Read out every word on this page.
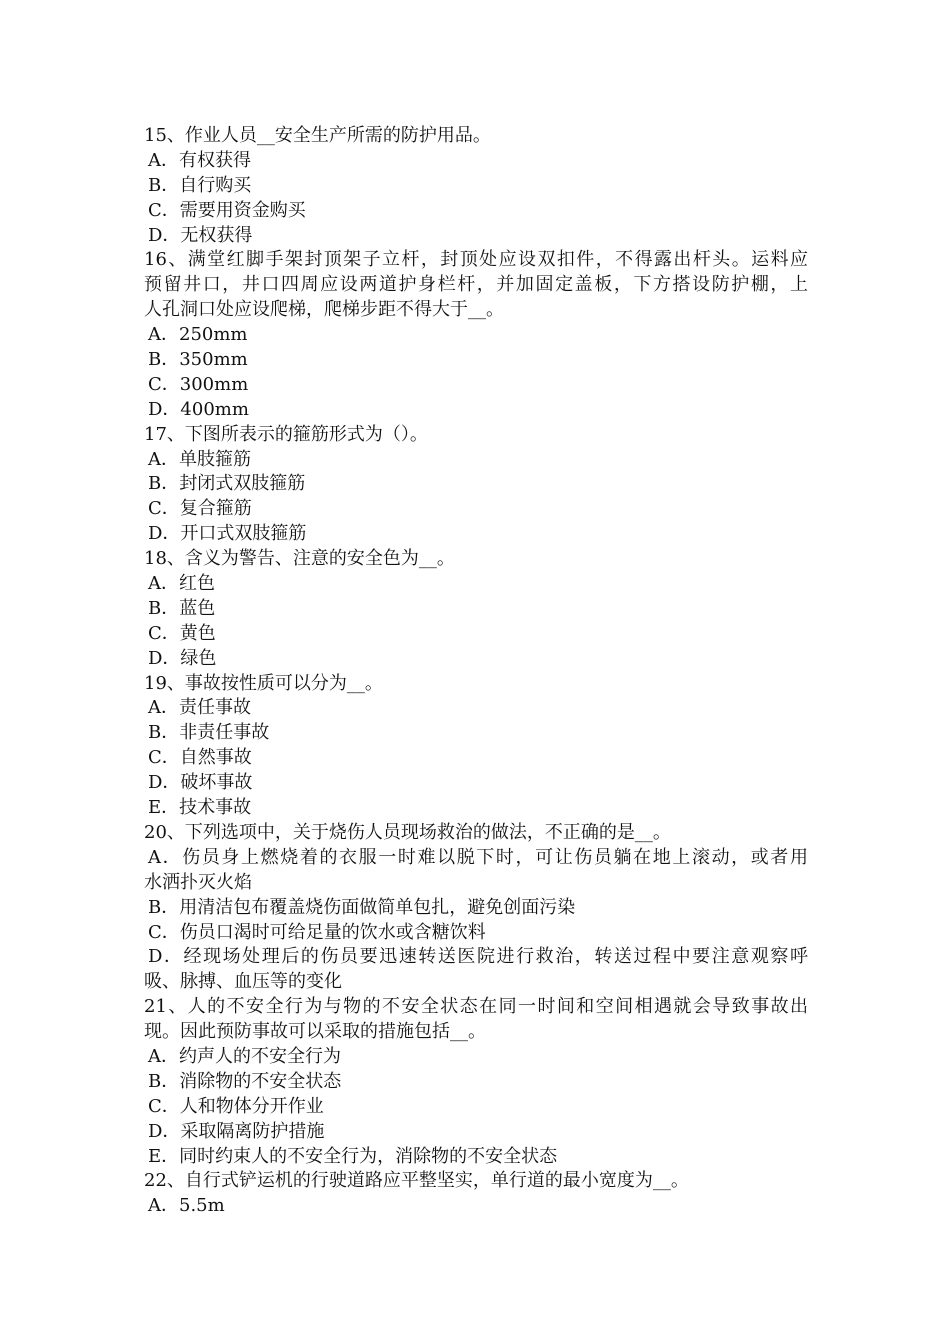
15、作业人员__安全生产所需的防护用品。
A．有权获得
B．自行购买
C．需要用资金购买
D．无权获得
16、满堂红脚手架封顶架子立杆，封顶处应设双扣件，不得露出杆头。运料应
预留井口，井口四周应设两道护身栏杆，并加固定盖板，下方搭设防护棚，上
人孔洞口处应设爬梯，爬梯步距不得大于__。
A．250mm
B．350mm
C．300mm
D．400mm
17、下图所表示的箍筋形式为（）。
A．单肢箍筋
B．封闭式双肢箍筋
C．复合箍筋
D．开口式双肢箍筋
18、含义为警告、注意的安全色为__。
A．红色
B．蓝色
C．黄色
D．绿色
19、事故按性质可以分为__。
A．责任事故
B．非责任事故
C．自然事故
D．破坏事故
E．技术事故
20、下列选项中，关于烧伤人员现场救治的做法，不正确的是__。
A．伤员身上燃烧着的衣服一时难以脱下时，可让伤员躺在地上滚动，或者用
水洒扑灭火焰
B．用清洁包布覆盖烧伤面做简单包扎，避免创面污染
C．伤员口渴时可给足量的饮水或含糖饮料
D．经现场处理后的伤员要迅速转送医院进行救治，转送过程中要注意观察呼
吸、脉搏、血压等的变化
21、人的不安全行为与物的不安全状态在同一时间和空间相遇就会导致事故出
现。因此预防事故可以采取的措施包括__。
A．约声人的不安全行为
B．消除物的不安全状态
C．人和物体分开作业
D．采取隔离防护措施
E．同时约束人的不安全行为，消除物的不安全状态
22、自行式铲运机的行驶道路应平整坚实，单行道的最小宽度为__。
A．5.5m
